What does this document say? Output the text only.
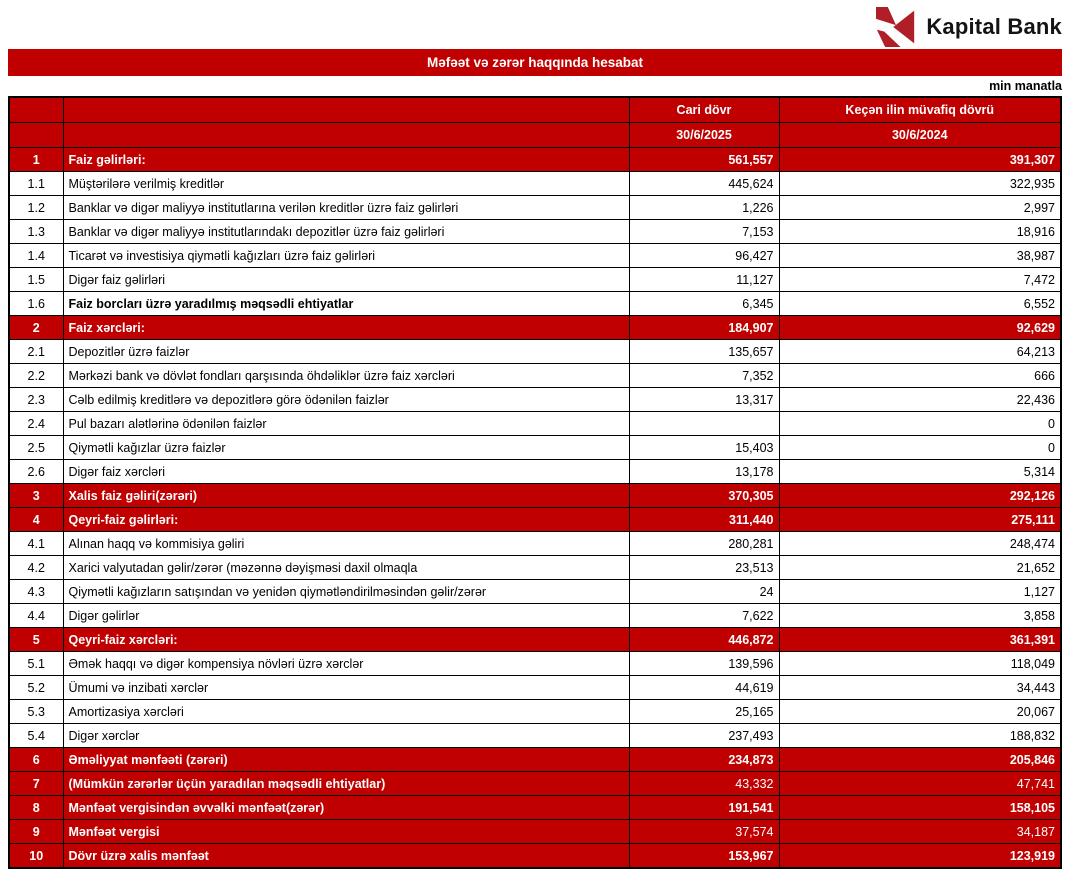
Kapital Bank
Məfəət və zərər haqqında hesabat
min manatla
		Cari dövr	Keçən ilin müvafiq dövrü
		30/6/2025	30/6/2024
1	Faiz gəlirləri:	561,557	391,307
1.1	Müştərilərə verilmiş kreditlər	445,624	322,935
1.2	Banklar və digər maliyyə institutlarına verilən kreditlər üzrə faiz gəlirləri	1,226	2,997
1.3	Banklar və digər maliyyə institutlarındakı depozitlər üzrə faiz gəlirləri	7,153	18,916
1.4	Ticarət və investisiya qiymətli kağızları üzrə faiz gəlirləri	96,427	38,987
1.5	Digər faiz gəlirləri	11,127	7,472
1.6	Faiz borcları üzrə yaradılmış məqsədli ehtiyatlar	6,345	6,552
2	Faiz xərcləri:	184,907	92,629
2.1	Depozitlər üzrə faizlər	135,657	64,213
2.2	Mərkəzi bank və dövlət fondları qarşısında öhdəliklər üzrə faiz xərcləri	7,352	666
2.3	Cəlb edilmiş kreditlərə və depozitlərə görə ödənilən faizlər	13,317	22,436
2.4	Pul bazarı alətlərinə ödənilən faizlər		0
2.5	Qiymətli kağızlar üzrə faizlər	15,403	0
2.6	Digər faiz xərcləri	13,178	5,314
3	Xalis faiz gəliri(zərəri)	370,305	292,126
4	Qeyri-faiz gəlirləri:	311,440	275,111
4.1	Alınan haqq və kommisiya gəliri	280,281	248,474
4.2	Xarici valyutadan gəlir/zərər (məzənnə dəyişməsi daxil olmaqla	23,513	21,652
4.3	Qiymətli kağızların satışından və yenidən qiymətləndirilməsindən gəlir/zərər	24	1,127
4.4	Digər gəlirlər	7,622	3,858
5	Qeyri-faiz xərcləri:	446,872	361,391
5.1	Əmək haqqı və digər kompensiya növləri üzrə xərclər	139,596	118,049
5.2	Ümumi və inzibati xərclər	44,619	34,443
5.3	Amortizasiya xərcləri	25,165	20,067
5.4	Digər xərclər	237,493	188,832
6	Əməliyyat mənfəəti (zərəri)	234,873	205,846
7	(Mümkün zərərlər üçün yaradılan məqsədli ehtiyatlar)	43,332	47,741
8	Mənfəət vergisindən əvvəlki mənfəət(zərər)	191,541	158,105
9	Mənfəət vergisi	37,574	34,187
10	Dövr üzrə xalis mənfəət	153,967	123,919
